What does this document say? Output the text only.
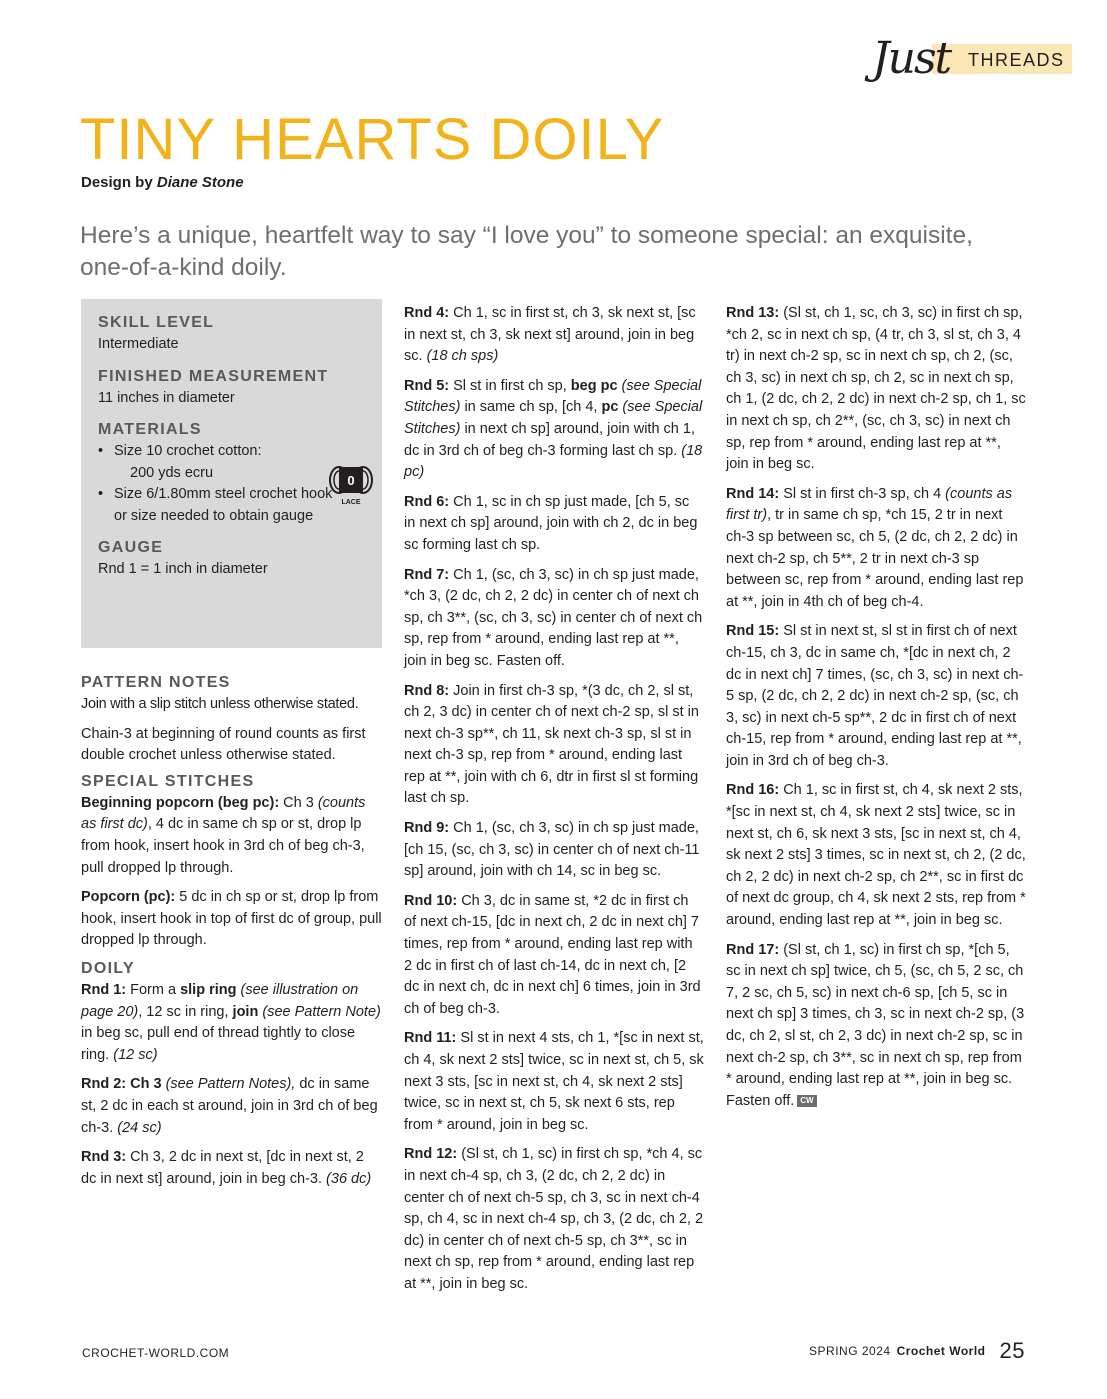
Just THREADS
TINY HEARTS DOILY
Design by Diane Stone
Here’s a unique, heartfelt way to say “I love you” to someone special: an exquisite, one-of-a-kind doily.

SKILL LEVEL

Intermediate

FINISHED MEASUREMENT

11 inches in diameter

MATERIALS

• Size 10 crochet cotton:
200 yds ecru
• Size 6/1.80mm steel crochet hook or size needed to obtain gauge
0
LACE

GAUGE

Rnd 1 = 1 inch in diameter

PATTERN NOTES

Join with a slip stitch unless otherwise stated.

Chain-3 at beginning of round counts as first double crochet unless otherwise stated.

SPECIAL STITCHES

Beginning popcorn (beg pc): Ch 3 (counts as first dc), 4 dc in same ch sp or st, drop lp from hook, insert hook in 3rd ch of beg ch-3, pull dropped lp through.

Popcorn (pc): 5 dc in ch sp or st, drop lp from hook, insert hook in top of first dc of group, pull dropped lp through.

DOILY

Rnd 1: Form a slip ring (see illustration on page 20), 12 sc in ring, join (see Pattern Note) in beg sc, pull end of thread tightly to close ring. (12 sc)

Rnd 2: Ch 3 (see Pattern Notes), dc in same st, 2 dc in each st around, join in 3rd ch of beg ch-3. (24 sc)

Rnd 3: Ch 3, 2 dc in next st, [dc in next st, 2 dc in next st] around, join in beg ch-3. (36 dc)

Rnd 4: Ch 1, sc in first st, ch 3, sk next st, [sc in next st, ch 3, sk next st] around, join in beg sc. (18 ch sps)

Rnd 5: Sl st in first ch sp, beg pc (see Special Stitches) in same ch sp, [ch 4, pc (see Special Stitches) in next ch sp] around, join with ch 1, dc in 3rd ch of beg ch-3 forming last ch sp. (18 pc)

Rnd 6: Ch 1, sc in ch sp just made, [ch 5, sc in next ch sp] around, join with ch 2, dc in beg sc forming last ch sp.

Rnd 7: Ch 1, (sc, ch 3, sc) in ch sp just made, *ch 3, (2 dc, ch 2, 2 dc) in center ch of next ch sp, ch 3**, (sc, ch 3, sc) in center ch of next ch sp, rep from * around, ending last rep at **, join in beg sc. Fasten off.

Rnd 8: Join in first ch-3 sp, *(3 dc, ch 2, sl st, ch 2, 3 dc) in center ch of next ch-2 sp, sl st in next ch-3 sp**, ch 11, sk next ch-3 sp, sl st in next ch-3 sp, rep from * around, ending last rep at **, join with ch 6, dtr in first sl st forming last ch sp.

Rnd 9: Ch 1, (sc, ch 3, sc) in ch sp just made, [ch 15, (sc, ch 3, sc) in center ch of next ch-11 sp] around, join with ch 14, sc in beg sc.

Rnd 10: Ch 3, dc in same st, *2 dc in first ch of next ch-15, [dc in next ch, 2 dc in next ch] 7 times, rep from * around, ending last rep with 2 dc in first ch of last ch-14, dc in next ch, [2 dc in next ch, dc in next ch] 6 times, join in 3rd ch of beg ch-3.

Rnd 11: Sl st in next 4 sts, ch 1, *[sc in next st, ch 4, sk next 2 sts] twice, sc in next st, ch 5, sk next 3 sts, [sc in next st, ch 4, sk next 2 sts] twice, sc in next st, ch 5, sk next 6 sts, rep from * around, join in beg sc.

Rnd 12: (Sl st, ch 1, sc) in first ch sp, *ch 4, sc in next ch-4 sp, ch 3, (2 dc, ch 2, 2 dc) in center ch of next ch-5 sp, ch 3, sc in next ch-4 sp, ch 4, sc in next ch-4 sp, ch 3, (2 dc, ch 2, 2 dc) in center ch of next ch-5 sp, ch 3**, sc in next ch sp, rep from * around, ending last rep at **, join in beg sc.

Rnd 13: (Sl st, ch 1, sc, ch 3, sc) in first ch sp, *ch 2, sc in next ch sp, (4 tr, ch 3, sl st, ch 3, 4 tr) in next ch-2 sp, sc in next ch sp, ch 2, (sc, ch 3, sc) in next ch sp, ch 2, sc in next ch sp, ch 1, (2 dc, ch 2, 2 dc) in next ch-2 sp, ch 1, sc in next ch sp, ch 2**, (sc, ch 3, sc) in next ch sp, rep from * around, ending last rep at **, join in beg sc.

Rnd 14: Sl st in first ch-3 sp, ch 4 (counts as first tr), tr in same ch sp, *ch 15, 2 tr in next ch-3 sp between sc, ch 5, (2 dc, ch 2, 2 dc) in next ch-2 sp, ch 5**, 2 tr in next ch-3 sp between sc, rep from * around, ending last rep at **, join in 4th ch of beg ch-4.

Rnd 15: Sl st in next st, sl st in first ch of next ch-15, ch 3, dc in same ch, *[dc in next ch, 2 dc in next ch] 7 times, (sc, ch 3, sc) in next ch-5 sp, (2 dc, ch 2, 2 dc) in next ch-2 sp, (sc, ch 3, sc) in next ch-5 sp**, 2 dc in first ch of next ch-15, rep from * around, ending last rep at **, join in 3rd ch of beg ch-3.

Rnd 16: Ch 1, sc in first st, ch 4, sk next 2 sts, *[sc in next st, ch 4, sk next 2 sts] twice, sc in next st, ch 6, sk next 3 sts, [sc in next st, ch 4, sk next 2 sts] 3 times, sc in next st, ch 2, (2 dc, ch 2, 2 dc) in next ch-2 sp, ch 2**, sc in first dc of next dc group, ch 4, sk next 2 sts, rep from * around, ending last rep at **, join in beg sc.

Rnd 17: (Sl st, ch 1, sc) in first ch sp, *[ch 5, sc in next ch sp] twice, ch 5, (sc, ch 5, 2 sc, ch 7, 2 sc, ch 5, sc) in next ch-6 sp, [ch 5, sc in next ch sp] 3 times, ch 3, sc in next ch-2 sp, (3 dc, ch 2, sl st, ch 2, 3 dc) in next ch-2 sp, sc in next ch-2 sp, ch 3**, sc in next ch sp, rep from * around, ending last rep at **, join in beg sc. Fasten off. CW

CROCHET-WORLD.COM	SPRING 2024 Crochet World 25
